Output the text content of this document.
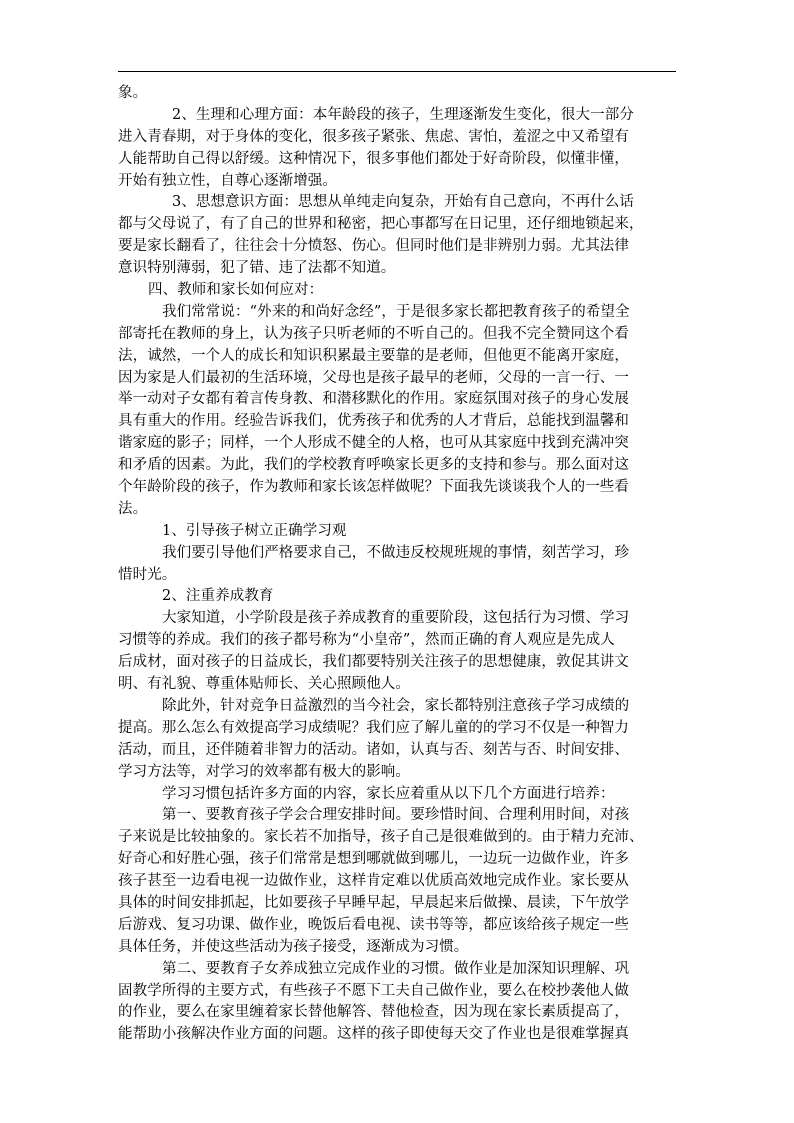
象。
2、生理和心理方面：本年龄段的孩子，生理逐渐发生变化，很大一部分
进入青春期，对于身体的变化，很多孩子紧张、焦虑、害怕，羞涩之中又希望有
人能帮助自己得以舒缓。这种情况下，很多事他们都处于好奇阶段，似懂非懂，
开始有独立性，自尊心逐渐增强。
3、思想意识方面：思想从单纯走向复杂，开始有自己意向，不再什么话
都与父母说了，有了自己的世界和秘密，把心事都写在日记里，还仔细地锁起来，
要是家长翻看了，往往会十分愤怒、伤心。但同时他们是非辨别力弱。尤其法律
意识特别薄弱，犯了错、违了法都不知道。
四、教师和家长如何应对：
我们常常说：“外来的和尚好念经”，于是很多家长都把教育孩子的希望全
部寄托在教师的身上，认为孩子只听老师的不听自己的。但我不完全赞同这个看
法，诚然，一个人的成长和知识积累最主要靠的是老师，但他更不能离开家庭，
因为家是人们最初的生活环境，父母也是孩子最早的老师，父母的一言一行、一
举一动对子女都有着言传身教、和潜移默化的作用。家庭氛围对孩子的身心发展
具有重大的作用。经验告诉我们，优秀孩子和优秀的人才背后，总能找到温馨和
谐家庭的影子；同样，一个人形成不健全的人格，也可从其家庭中找到充满冲突
和矛盾的因素。为此，我们的学校教育呼唤家长更多的支持和参与。那么面对这
个年龄阶段的孩子，作为教师和家长该怎样做呢？下面我先谈谈我个人的一些看
法。
1、引导孩子树立正确学习观
我们要引导他们严格要求自己，不做违反校规班规的事情，刻苦学习，珍
惜时光。
2、注重养成教育
大家知道，小学阶段是孩子养成教育的重要阶段，这包括行为习惯、学习
习惯等的养成。我们的孩子都号称为“小皇帝”，然而正确的育人观应是先成人
后成材，面对孩子的日益成长，我们都要特别关注孩子的思想健康，敦促其讲文
明、有礼貌、尊重体贴师长、关心照顾他人。
除此外，针对竞争日益激烈的当今社会，家长都特别注意孩子学习成绩的
提高。那么怎么有效提高学习成绩呢？我们应了解儿童的的学习不仅是一种智力
活动，而且，还伴随着非智力的活动。诸如，认真与否、刻苦与否、时间安排、
学习方法等，对学习的效率都有极大的影响。
学习习惯包括许多方面的内容，家长应着重从以下几个方面进行培养：
第一、要教育孩子学会合理安排时间。要珍惜时间、合理利用时间，对孩
子来说是比较抽象的。家长若不加指导，孩子自己是很难做到的。由于精力充沛、
好奇心和好胜心强，孩子们常常是想到哪就做到哪儿，一边玩一边做作业，许多
孩子甚至一边看电视一边做作业，这样肯定难以优质高效地完成作业。家长要从
具体的时间安排抓起，比如要孩子早睡早起，早晨起来后做操、晨读，下午放学
后游戏、复习功课、做作业，晚饭后看电视、读书等等，都应该给孩子规定一些
具体任务，并使这些活动为孩子接受，逐渐成为习惯。
第二、要教育子女养成独立完成作业的习惯。做作业是加深知识理解、巩
固教学所得的主要方式，有些孩子不愿下工夫自己做作业，要么在校抄袭他人做
的作业，要么在家里缠着家长替他解答、替他检查，因为现在家长素质提高了，
能帮助小孩解决作业方面的问题。这样的孩子即使每天交了作业也是很难掌握真
